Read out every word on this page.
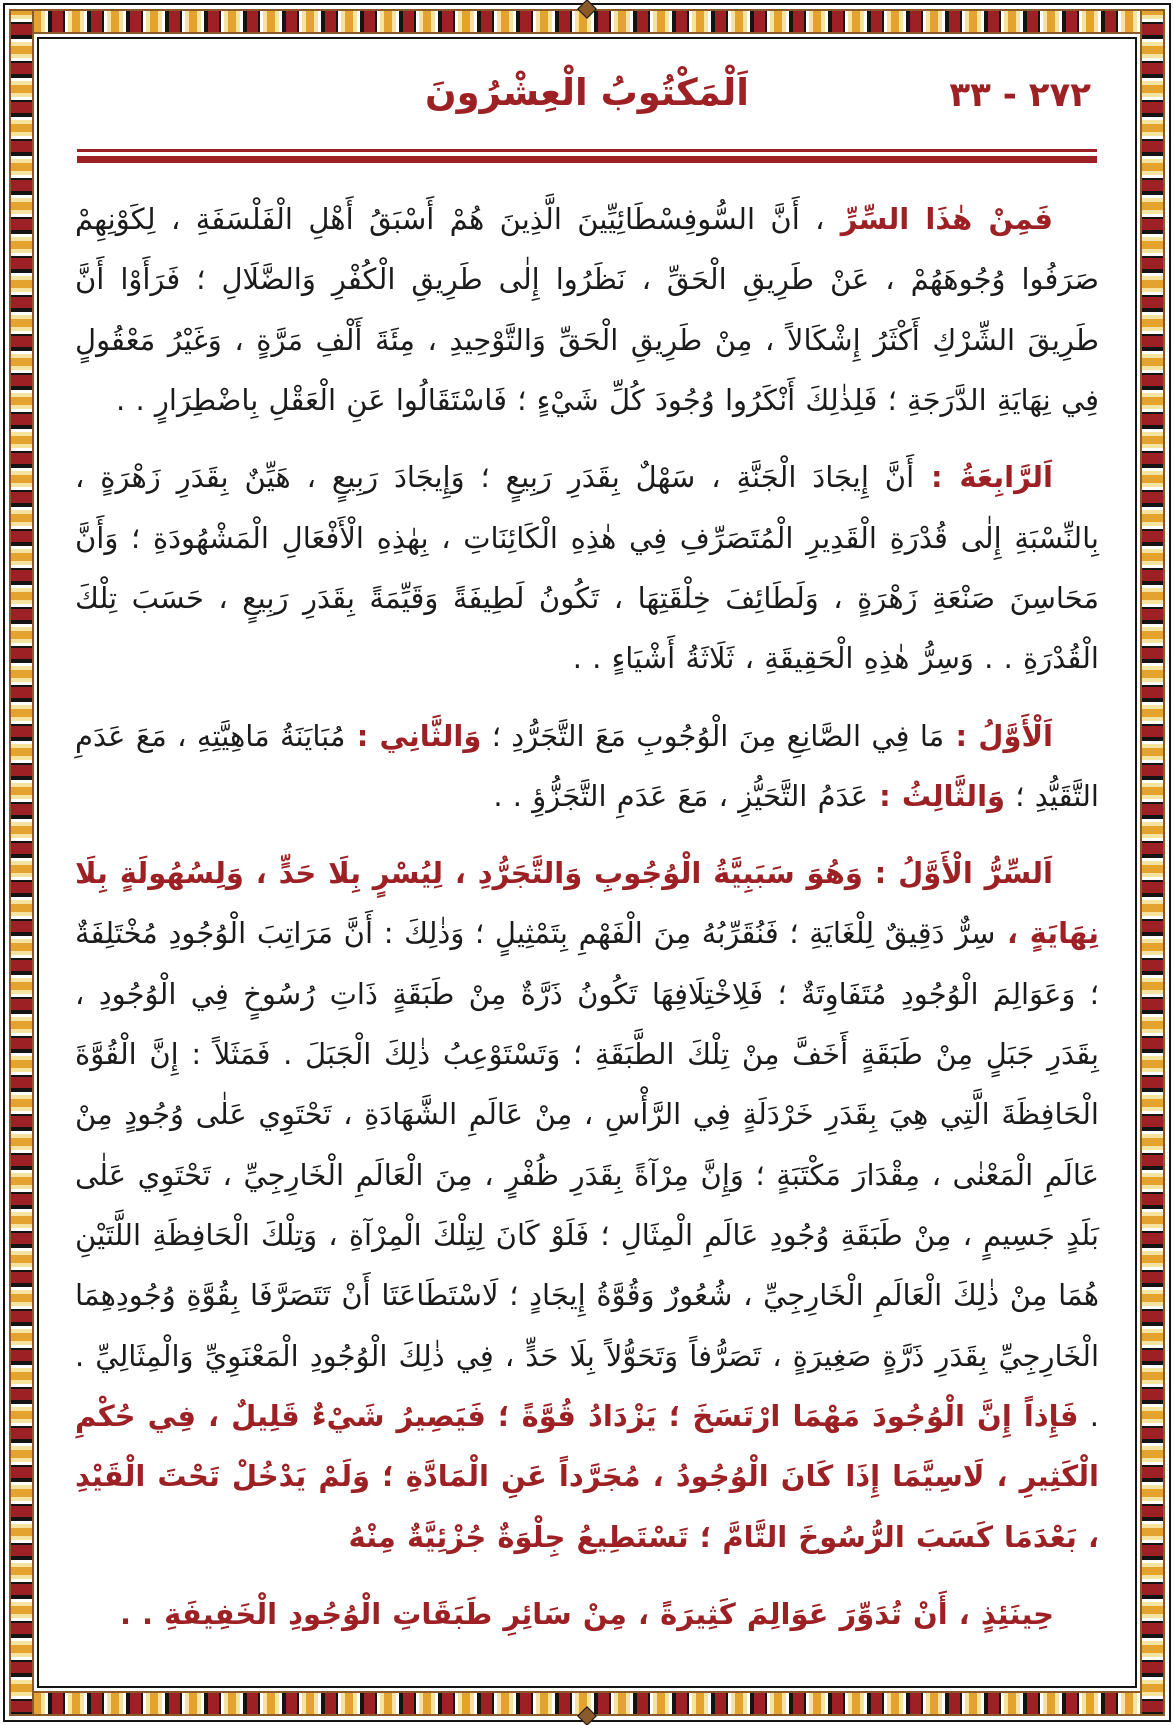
٢٧٢ - ٣٣
اَلْمَكْتُوبُ الْعِشْرُونَ

فَمِنْ هٰذَا السِّرِّ ، أَنَّ السُّوفِسْطَائِيِّينَ الَّذِينَ هُمْ أَسْبَقُ أَهْلِ الْفَلْسَفَةِ ، لِكَوْنِهِمْ صَرَفُوا وُجُوهَهُمْ ، عَنْ طَرِيقِ الْحَقِّ ، نَظَرُوا إِلٰى طَرِيقِ الْكُفْرِ وَالضَّلَالِ ؛ فَرَأَوْا أَنَّ طَرِيقَ الشِّرْكِ أَكْثَرُ إِشْكَالاً ، مِنْ طَرِيقِ الْحَقِّ وَالتَّوْحِيدِ ، مِئَةَ أَلْفِ مَرَّةٍ ، وَغَيْرُ مَعْقُولٍ فِي نِهَايَةِ الدَّرَجَةِ ؛ فَلِذٰلِكَ أَنْكَرُوا وُجُودَ كُلِّ شَيْءٍ ؛ فَاسْتَقَالُوا عَنِ الْعَقْلِ بِاضْطِرَارٍ . .

اَلرَّابِعَةُ : أَنَّ إِيجَادَ الْجَنَّةِ ، سَهْلٌ بِقَدَرِ رَبِيعٍ ؛ وَإِيجَادَ رَبِيعٍ ، هَيِّنٌ بِقَدَرِ زَهْرَةٍ ، بِالنِّسْبَةِ إِلٰى قُدْرَةِ الْقَدِيرِ الْمُتَصَرِّفِ فِي هٰذِهِ الْكَائِنَاتِ ، بِهٰذِهِ الْأَفْعَالِ الْمَشْهُودَةِ ؛ وَأَنَّ مَحَاسِنَ صَنْعَةِ زَهْرَةٍ ، وَلَطَائِفَ خِلْقَتِهَا ، تَكُونُ لَطِيفَةً وَقَيِّمَةً بِقَدَرِ رَبِيعٍ ، حَسَبَ تِلْكَ الْقُدْرَةِ . . وَسِرُّ هٰذِهِ الْحَقِيقَةِ ، ثَلَاثَةُ أَشْيَاءٍ . .

اَلْأَوَّلُ : مَا فِي الصَّانِعِ مِنَ الْوُجُوبِ مَعَ التَّجَرُّدِ ؛ وَالثَّانِي : مُبَايَنَةُ مَاهِيَّتِهِ ، مَعَ عَدَمِ التَّقَيُّدِ ؛ وَالثَّالِثُ : عَدَمُ التَّحَيُّزِ ، مَعَ عَدَمِ التَّجَزُّؤِ . .

اَلسِّرُّ الْأَوَّلُ : وَهُوَ سَبَبِيَّةُ الْوُجُوبِ وَالتَّجَرُّدِ ، لِيُسْرٍ بِلَا حَدٍّ ، وَلِسُهُولَةٍ بِلَا نِهَايَةٍ ، سِرٌّ دَقِيقٌ لِلْغَايَةِ ؛ فَنُقَرِّبُهُ مِنَ الْفَهْمِ بِتَمْثِيلٍ ؛ وَذٰلِكَ : أَنَّ مَرَاتِبَ الْوُجُودِ مُخْتَلِفَةٌ ؛ وَعَوَالِمَ الْوُجُودِ مُتَفَاوِتَةٌ ؛ فَلِاخْتِلَافِهَا تَكُونُ ذَرَّةٌ مِنْ طَبَقَةٍ ذَاتِ رُسُوخٍ فِي الْوُجُودِ ، بِقَدَرِ جَبَلٍ مِنْ طَبَقَةٍ أَخَفَّ مِنْ تِلْكَ الطَّبَقَةِ ؛ وَتَسْتَوْعِبُ ذٰلِكَ الْجَبَلَ . فَمَثَلاً : إِنَّ الْقُوَّةَ الْحَافِظَةَ الَّتِي هِيَ بِقَدَرِ خَرْدَلَةٍ فِي الرَّأْسِ ، مِنْ عَالَمِ الشَّهَادَةِ ، تَحْتَوِي عَلٰى وُجُودٍ مِنْ عَالَمِ الْمَعْنٰى ، مِقْدَارَ مَكْتَبَةٍ ؛ وَإِنَّ مِرْآةً بِقَدَرِ ظُفْرٍ ، مِنَ الْعَالَمِ الْخَارِجِيِّ ، تَحْتَوِي عَلٰى بَلَدٍ جَسِيمٍ ، مِنْ طَبَقَةِ وُجُودِ عَالَمِ الْمِثَالِ ؛ فَلَوْ كَانَ لِتِلْكَ الْمِرْآةِ ، وَتِلْكَ الْحَافِظَةِ اللَّتَيْنِ هُمَا مِنْ ذٰلِكَ الْعَالَمِ الْخَارِجِيِّ ، شُعُورٌ وَقُوَّةُ إِيجَادٍ ؛ لَاسْتَطَاعَتَا أَنْ تَتَصَرَّفَا بِقُوَّةِ وُجُودِهِمَا الْخَارِجِيِّ بِقَدَرِ ذَرَّةٍ صَغِيرَةٍ ، تَصَرُّفاً وَتَحَوُّلاً بِلَا حَدٍّ ، فِي ذٰلِكَ الْوُجُودِ الْمَعْنَوِيِّ وَالْمِثَالِيِّ . . فَإِذاً إِنَّ الْوُجُودَ مَهْمَا ارْتَسَخَ ؛ يَزْدَادُ قُوَّةً ؛ فَيَصِيرُ شَيْءٌ قَلِيلٌ ، فِي حُكْمِ الْكَثِيرِ ، لَاسِيَّمَا إِذَا كَانَ الْوُجُودُ ، مُجَرَّداً عَنِ الْمَادَّةِ ؛ وَلَمْ يَدْخُلْ تَحْتَ الْقَيْدِ ، بَعْدَمَا كَسَبَ الرُّسُوخَ التَّامَّ ؛ تَسْتَطِيعُ جِلْوَةٌ جُزْئِيَّةٌ مِنْهُ

حِينَئِذٍ ، أَنْ تُدَوِّرَ عَوَالِمَ كَثِيرَةً ، مِنْ سَائِرِ طَبَقَاتِ الْوُجُودِ الْخَفِيفَةِ . .
